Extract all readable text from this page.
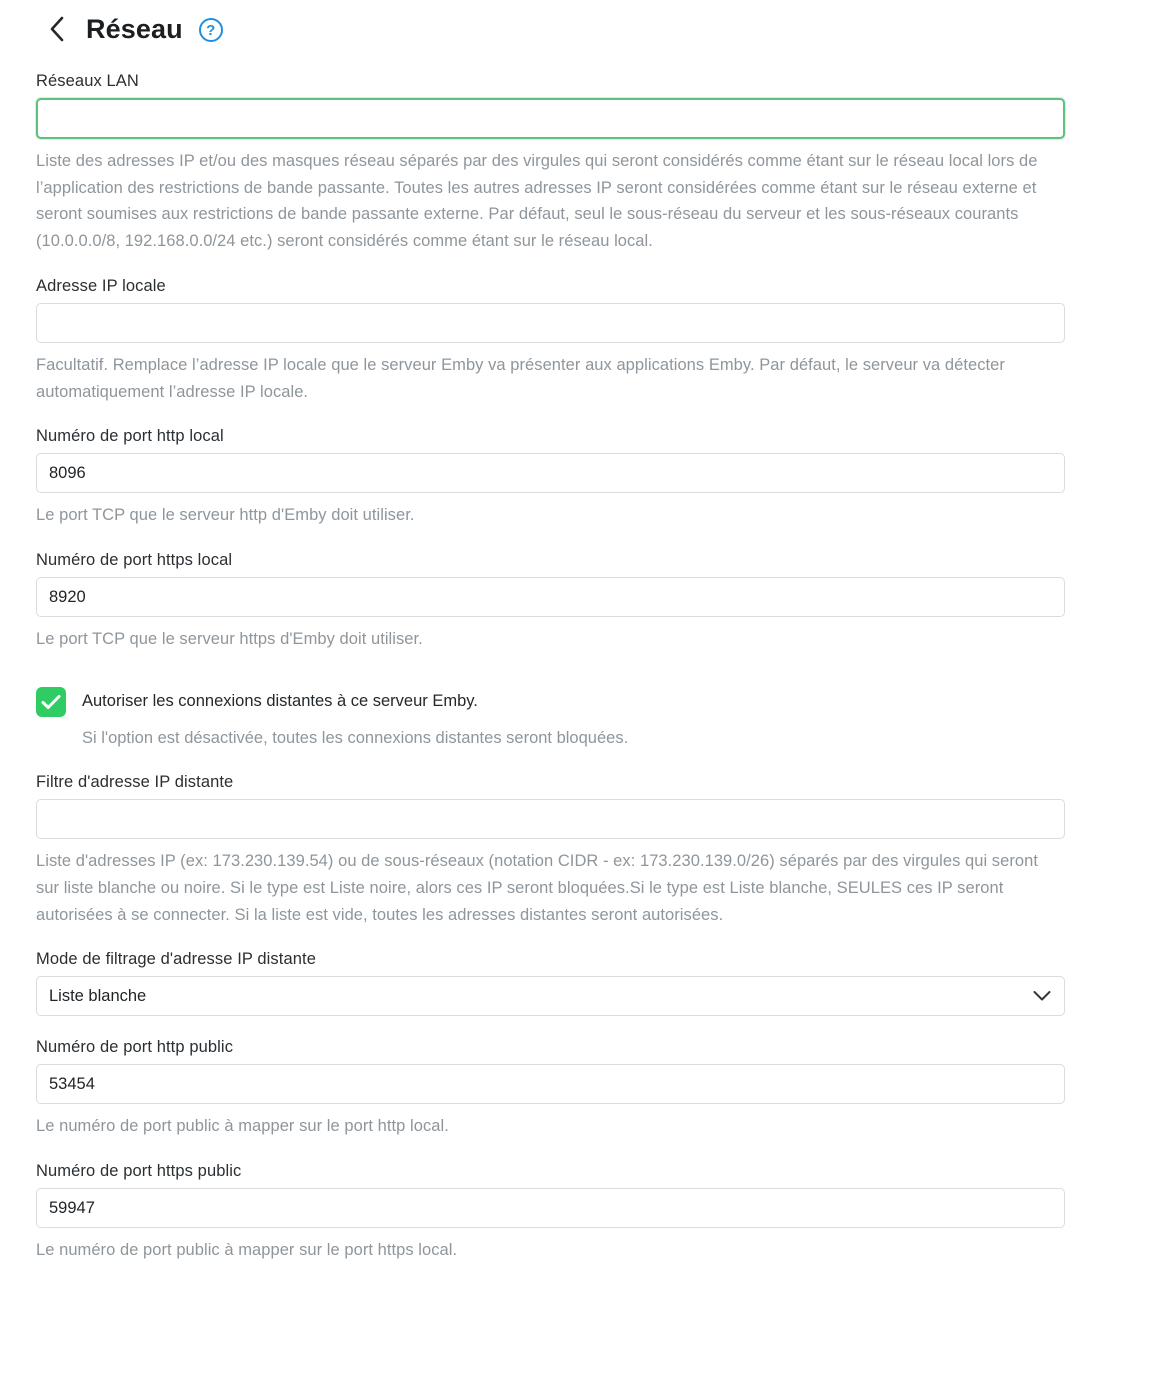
Réseau	?
Réseaux LAN
Liste des adresses IP et/ou des masques réseau séparés par des virgules qui seront considérés comme étant sur le réseau local lors de l’application des restrictions de bande passante. Toutes les autres adresses IP seront considérées comme étant sur le réseau externe et seront soumises aux restrictions de bande passante externe. Par défaut, seul le sous-réseau du serveur et les sous-réseaux courants (10.0.0.0/8, 192.168.0.0/24 etc.) seront considérés comme étant sur le réseau local.
Adresse IP locale
Facultatif. Remplace l’adresse IP locale que le serveur Emby va présenter aux applications Emby. Par défaut, le serveur va détecter automatiquement l’adresse IP locale.
Numéro de port http local
8096
Le port TCP que le serveur http d'Emby doit utiliser.
Numéro de port https local
8920
Le port TCP que le serveur https d'Emby doit utiliser.
Autoriser les connexions distantes à ce serveur Emby.
Si l'option est désactivée, toutes les connexions distantes seront bloquées.
Filtre d'adresse IP distante
Liste d'adresses IP (ex: 173.230.139.54) ou de sous-réseaux (notation CIDR - ex: 173.230.139.0/26) séparés par des virgules qui seront sur liste blanche ou noire. Si le type est Liste noire, alors ces IP seront bloquées.Si le type est Liste blanche, SEULES ces IP seront autorisées à se connecter. Si la liste est vide, toutes les adresses distantes seront autorisées.
Mode de filtrage d'adresse IP distante
Liste blanche
Numéro de port http public
53454
Le numéro de port public à mapper sur le port http local.
Numéro de port https public
59947
Le numéro de port public à mapper sur le port https local.
